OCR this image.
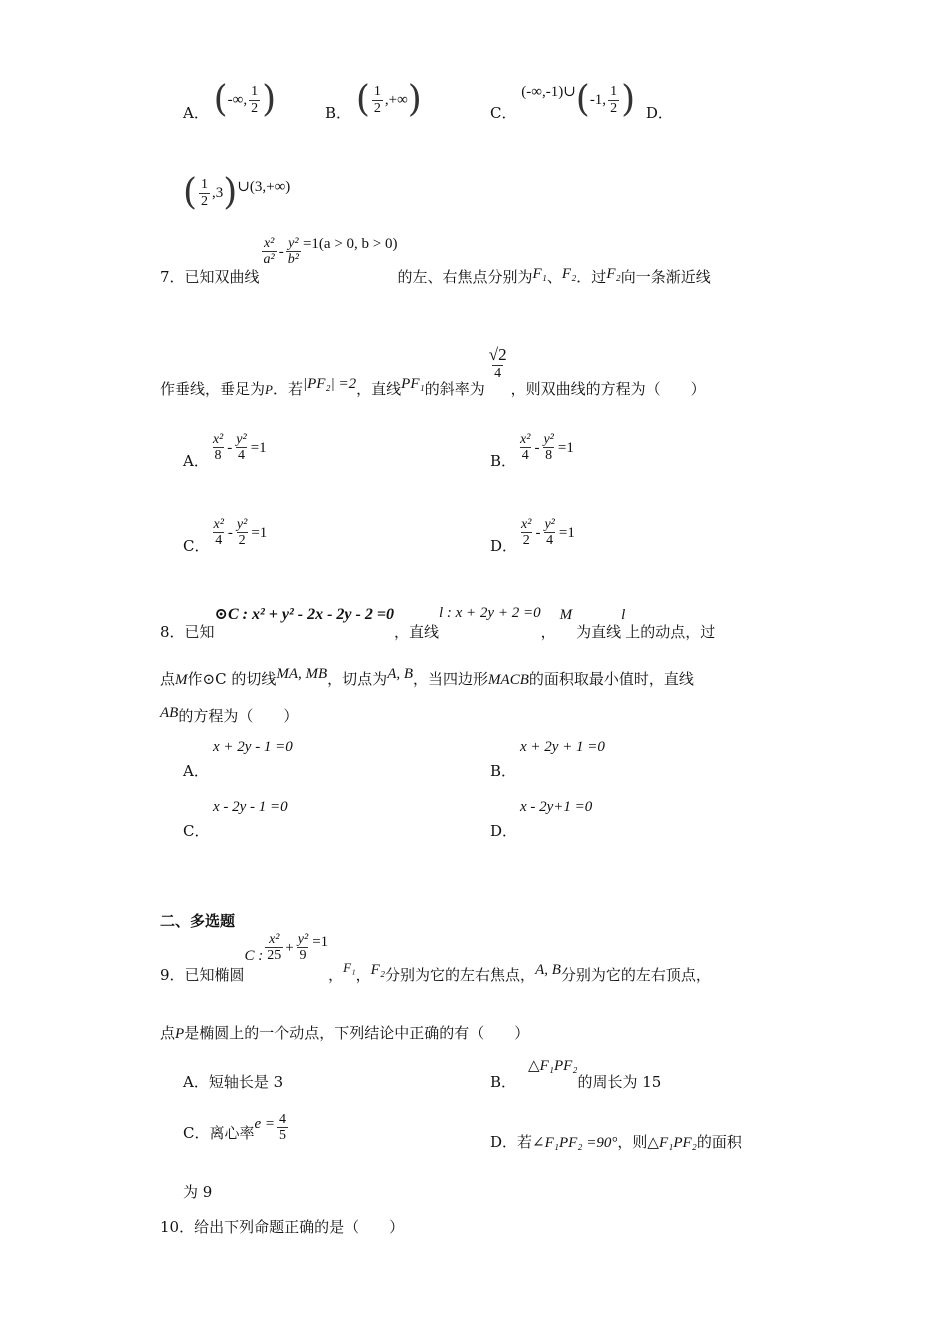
A． (-∞, $\frac{1}{2}$ )	B． ( $\frac{1}{2}$ ,+∞)	C． (-∞,-1)∪(-1, $\frac{1}{2}$ ) D．
( $\frac{1}{2}$ ,3)∪(3,+∞)
7．已知双曲线
$\frac{\text{x²}}{\text{a²}} - \frac{\text{y²}}{\text{b²}} =1(a > 0$, b > 0)的左、右焦点分别为F₁、F₂．过F₂向一条渐近线
作垂线，垂足为P．若|PF₂| =2，直线PF₁的斜率为
$\frac{√2}{4}$
，则双曲线的方程为（　　）
A． $\frac{\text{x²}}{8} - \frac{\text{y²}}{4} =1$
B． $\frac{\text{x²}}{4} - \frac{\text{y²}}{8} =1$
C． $\frac{\text{x²}}{4} - \frac{\text{y²}}{2} =1$
D． $\frac{\text{x²}}{2} - \frac{\text{y²}}{4} =1$
8．已知⊙C : x² + y² - 2x - 2y - 2 =0，直线l : x + 2y + 2 =0，M为直线l上的动点，过
点M作⊙C 的切线MA, MB，切点为A, B，当四边形MACB的面积取最小值时，直线
AB的方程为（　　）
x + 2y - 1 =0
A．
x + 2y + 1 =0
B．
x - 2y - 1 =0
C．
x - 2y+1 =0
D．
二、多选题
9．已知椭圆C : $\frac{\text{x²}}{25} + \frac{\text{y²}}{9} =1$，F₁，F₂分别为它的左右焦点，A, B分别为它的左右顶点，
点P是椭圆上的一个动点，下列结论中正确的有（　　）
A．短轴长是 3	B．△F₁PF₂的周长为 15
C．离心率$e = \frac{4}{5}$	D．若∠F₁PF₂ =90°，则△F₁PF₂的面积
为 9
10．给出下列命题正确的是（　　）
